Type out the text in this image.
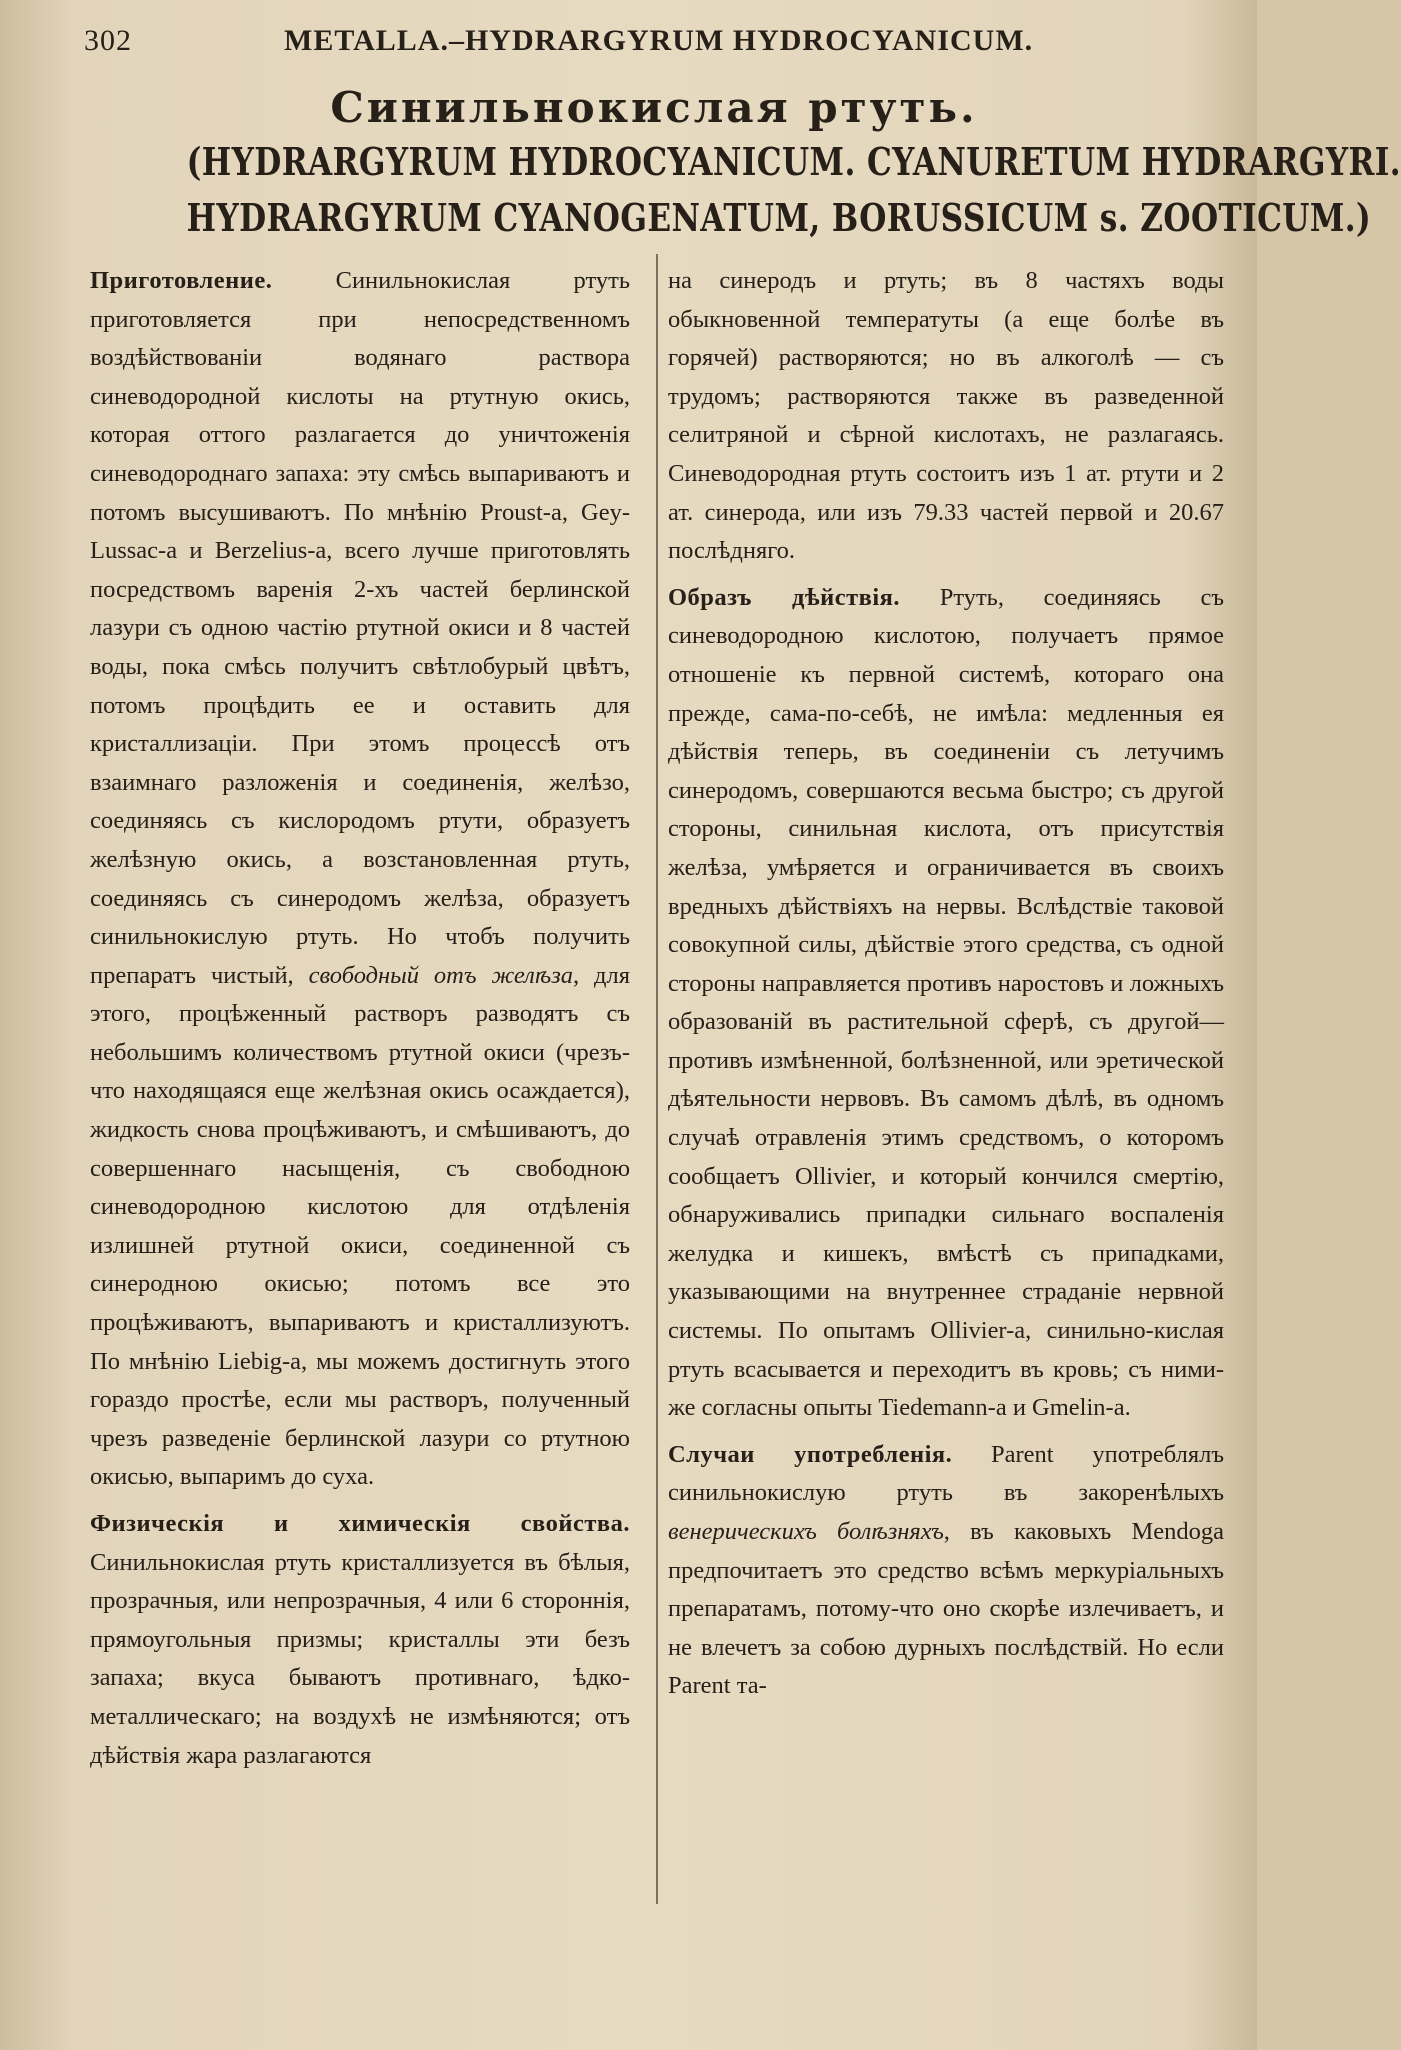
302	METALLA.–HYDRARGYRUM HYDROCYANICUM.
Синильнокислая ртуть.
(HYDRARGYRUM HYDROCYANICUM. CYANURETUM HYDRARGYRI.
HYDRARGYRUM CYANOGENATUM, BORUSSICUM s. ZOOTICUM.)

Приготовление. Синильнокислая ртуть приготовляется при непосредственномъ воздѣйствованіи водянаго раствора синеводородной кислоты на ртутную окись, которая оттого разлагается до уничтоженія синеводороднаго запаха: эту смѣсь выпариваютъ и потомъ высушиваютъ. По мнѣнію Proust-а, Gey-Lussac-а и Berzelius-а, всего лучше приготовлять посредствомъ варенія 2-хъ частей берлинской лазури съ одною частію ртутной окиси и 8 частей воды, пока смѣсь получитъ свѣтлобурый цвѣтъ, потомъ процѣдить ее и оставить для кристаллизаціи. При этомъ процессѣ отъ взаимнаго разложенія и соединенія, желѣзо, соединяясь съ кислородомъ ртути, образуетъ желѣзную окись, а возстановленная ртуть, соединяясь съ синеродомъ желѣза, образуетъ синильнокислую ртуть. Но чтобъ получить препаратъ чистый, свободный отъ желѣза, для этого, процѣженный растворъ разводятъ съ небольшимъ количествомъ ртутной окиси (чрезъ-что находящаяся еще желѣзная окись осаждается), жидкость снова процѣживаютъ, и смѣшиваютъ, до совершеннаго насыщенія, съ свободною синеводородною кислотою для отдѣленія излишней ртутной окиси, соединенной съ синеродною окисью; потомъ все это процѣживаютъ, выпариваютъ и кристаллизуютъ. По мнѣнію Liebig-а, мы можемъ достигнуть этого гораздо простѣе, если мы растворъ, полученный чрезъ разведеніе берлинской лазури со ртутною окисью, выпаримъ до суха.

Физическія и химическія свойства. Синильнокислая ртуть кристаллизуется въ бѣлыя, прозрачныя, или непрозрачныя, 4 или 6 стороннія, прямоугольныя призмы; кристаллы эти безъ запаха; вкуса бываютъ противнаго, ѣдко-металлическаго; на воздухѣ не измѣняются; отъ дѣйствія жара разлагаются

на синеродъ и ртуть; въ 8 частяхъ воды обыкновенной температуты (а еще болѣе въ горячей) растворяются; но въ алкоголѣ — съ трудомъ; растворяются также въ разведенной селитряной и сѣрной кислотахъ, не разлагаясь. Синеводородная ртуть состоитъ изъ 1 ат. ртути и 2 ат. синерода, или изъ 79.33 частей первой и 20.67 послѣдняго.

Образъ дѣйствія. Ртуть, соединяясь съ синеводородною кислотою, получаетъ прямое отношеніе къ первной системѣ, котораго она прежде, сама-по-себѣ, не имѣла: медленныя ея дѣйствія теперь, въ соединеніи съ летучимъ синеродомъ, совершаются весьма быстро; съ другой стороны, синильная кислота, отъ присутствія желѣза, умѣряется и ограничивается въ своихъ вредныхъ дѣйствіяхъ на нервы. Вслѣдствіе таковой совокупной силы, дѣйствіе этого средства, съ одной стороны направляется противъ наростовъ и ложныхъ образованій въ растительной сферѣ, съ другой—противъ измѣненной, болѣзненной, или эретической дѣятельности нервовъ. Въ самомъ дѣлѣ, въ одномъ случаѣ отравленія этимъ средствомъ, о которомъ сообщаетъ Ollivier, и который кончился смертію, обнаруживались припадки сильнаго воспаленія желудка и кишекъ, вмѣстѣ съ припадками, указывающими на внутреннее страданіе нервной системы. По опытамъ Ollivier-а, синильно-кислая ртуть всасывается и переходитъ въ кровь; съ ними-же согласны опыты Tiedemann-а и Gmelin-а.

Случаи употребленія. Parent употреблялъ синильнокислую ртуть въ закоренѣлыхъ венерическихъ болѣзняхъ, въ каковыхъ Mendoga предпочитаетъ это средство всѣмъ меркуріальныхъ препаратамъ, потому-что оно скорѣе излечиваетъ, и не влечетъ за собою дурныхъ послѣдствій. Но если Parent та-
